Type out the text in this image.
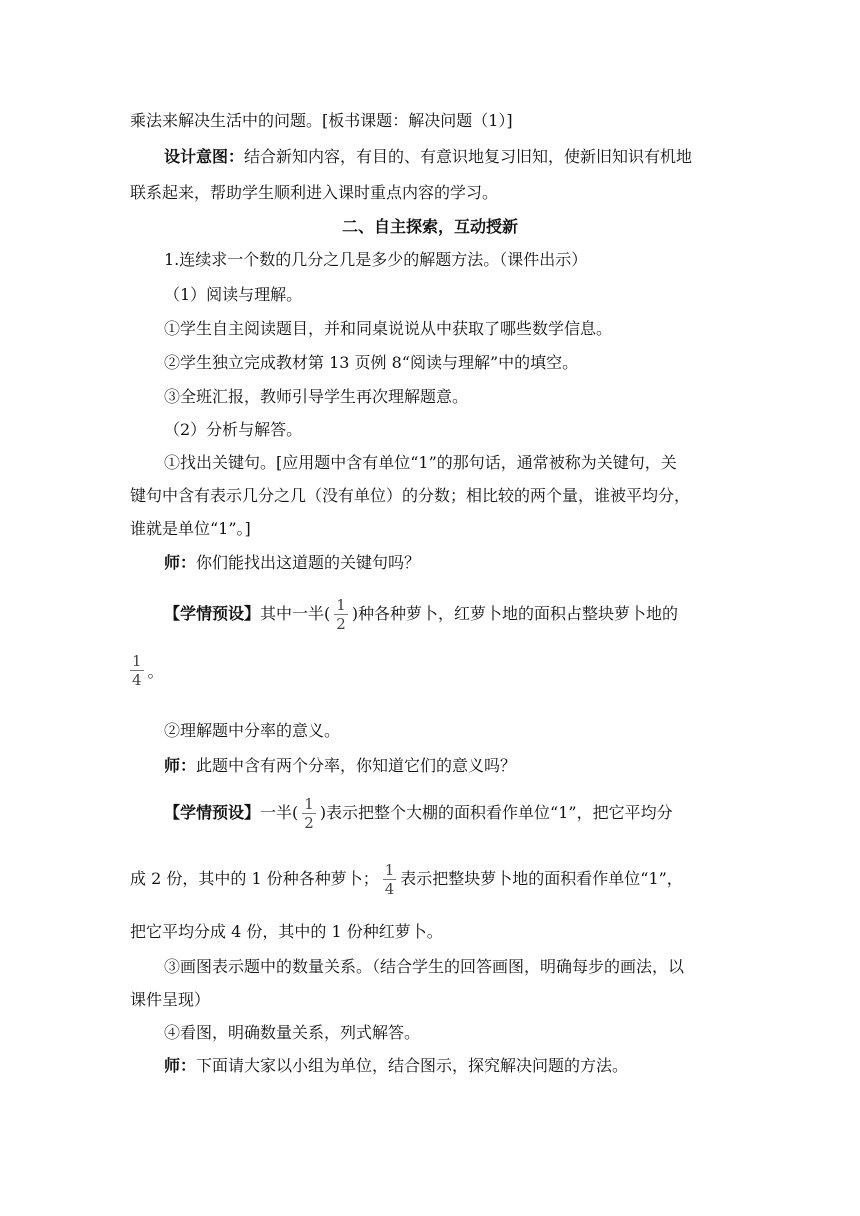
乘法来解决生活中的问题。[板书课题：解决问题（1）]
设计意图：结合新知内容，有目的、有意识地复习旧知，使新旧知识有机地
联系起来，帮助学生顺利进入课时重点内容的学习。
二、自主探索，互动授新
1.连续求一个数的几分之几是多少的解题方法。（课件出示）
（1）阅读与理解。
①学生自主阅读题目，并和同桌说说从中获取了哪些数学信息。
②学生独立完成教材第 13 页例 8“阅读与理解”中的填空。
③全班汇报，教师引导学生再次理解题意。
（2）分析与解答。
①找出关键句。[应用题中含有单位“1”的那句话，通常被称为关键句，关
键句中含有表示几分之几（没有单位）的分数；相比较的两个量，谁被平均分，
谁就是单位“1”。]
师：你们能找出这道题的关键句吗？
【学情预设】其中一半( $\frac{1}{2}$ )种各种萝卜，红萝卜地的面积占整块萝卜地的
$\frac{1}{4}$ 。
②理解题中分率的意义。
师：此题中含有两个分率，你知道它们的意义吗？
【学情预设】一半( $\frac{1}{2}$ )表示把整个大棚的面积看作单位“1”，把它平均分
成 2 份，其中的 1 份种各种萝卜； $\frac{1}{4}$ 表示把整块萝卜地的面积看作单位“1”，
把它平均分成 4 份，其中的 1 份种红萝卜。
③画图表示题中的数量关系。（结合学生的回答画图，明确每步的画法，以
课件呈现）
④看图，明确数量关系，列式解答。
师：下面请大家以小组为单位，结合图示，探究解决问题的方法。
